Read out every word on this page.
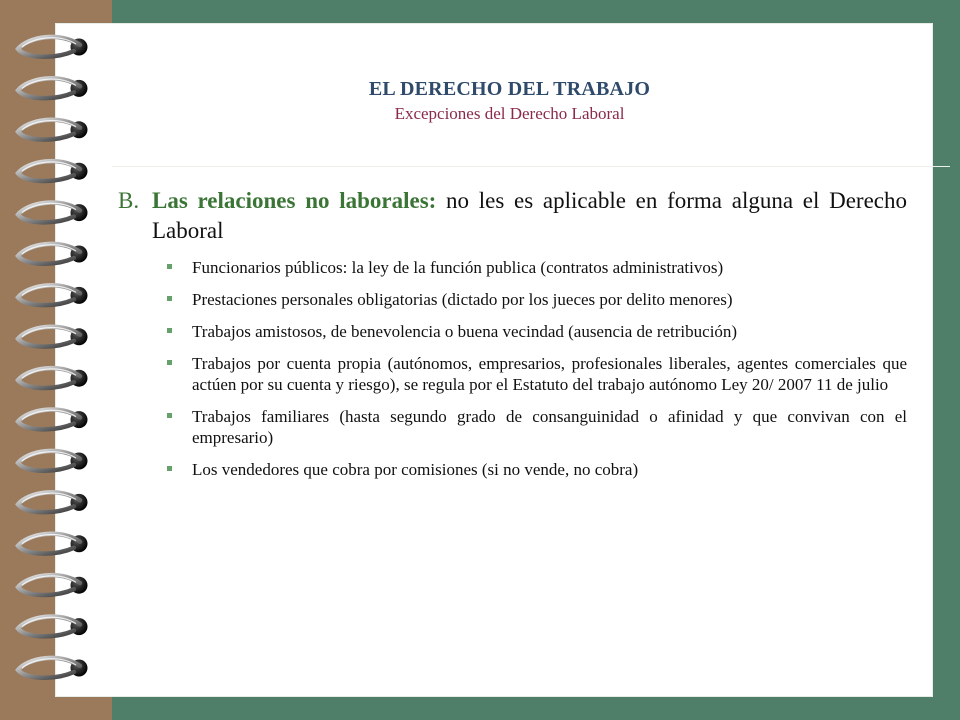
EL DERECHO DEL TRABAJO
Excepciones del Derecho Laboral
B. Las relaciones no laborales: no les es aplicable en forma alguna el Derecho Laboral
Funcionarios públicos: la ley de la función publica (contratos administrativos)
Prestaciones personales obligatorias (dictado por los jueces por delito menores)
Trabajos amistosos, de benevolencia o buena vecindad (ausencia de retribución)
Trabajos por cuenta propia (autónomos, empresarios, profesionales liberales, agentes comerciales que actúen por su cuenta y riesgo), se regula por el Estatuto del trabajo autónomo Ley 20/ 2007 11 de julio
Trabajos familiares (hasta segundo grado de consanguinidad o afinidad y que convivan con el empresario)
Los vendedores que cobra por comisiones (si no vende, no cobra)
